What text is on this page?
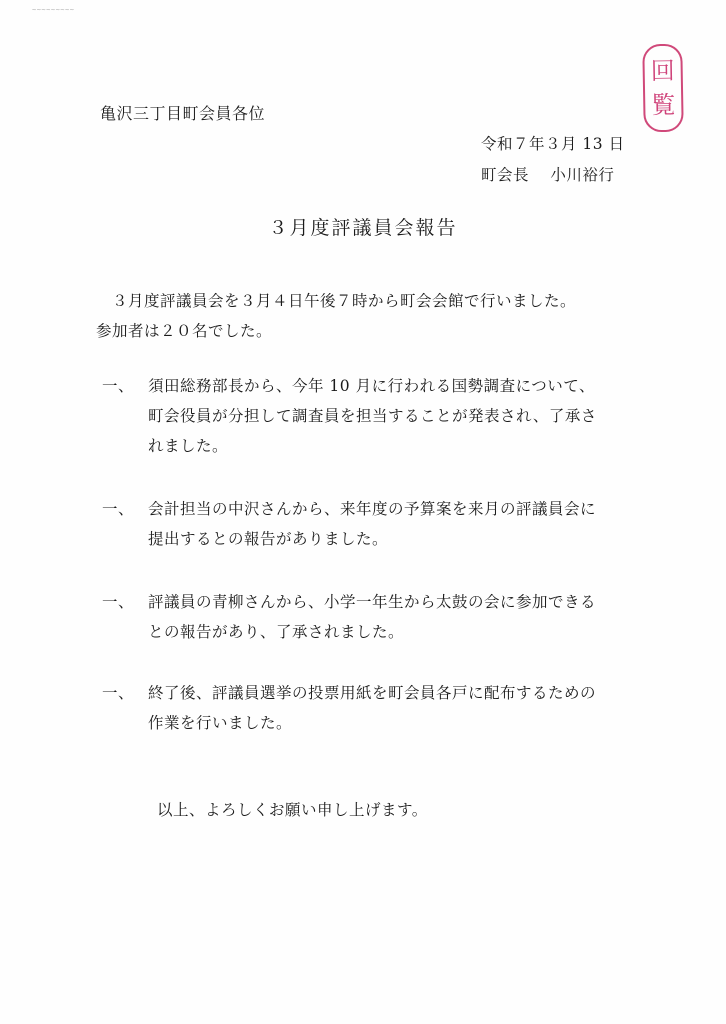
~~~~~~~~~
回
覧
亀沢三丁目町会員各位
令和７年３月 13 日
町会長　 小川裕行
３月度評議員会報告
　３月度評議員会を３月４日午後７時から町会会館で行いました。
参加者は２０名でした。
一、 須田総務部長から、今年 10 月に行われる国勢調査について、
町会役員が分担して調査員を担当することが発表され、了承さ
れました。
一、 会計担当の中沢さんから、来年度の予算案を来月の評議員会に
提出するとの報告がありました。
一、 評議員の青柳さんから、小学一年生から太鼓の会に参加できる
との報告があり、了承されました。
一、 終了後、評議員選挙の投票用紙を町会員各戸に配布するための
作業を行いました。
以上、よろしくお願い申し上げます。
